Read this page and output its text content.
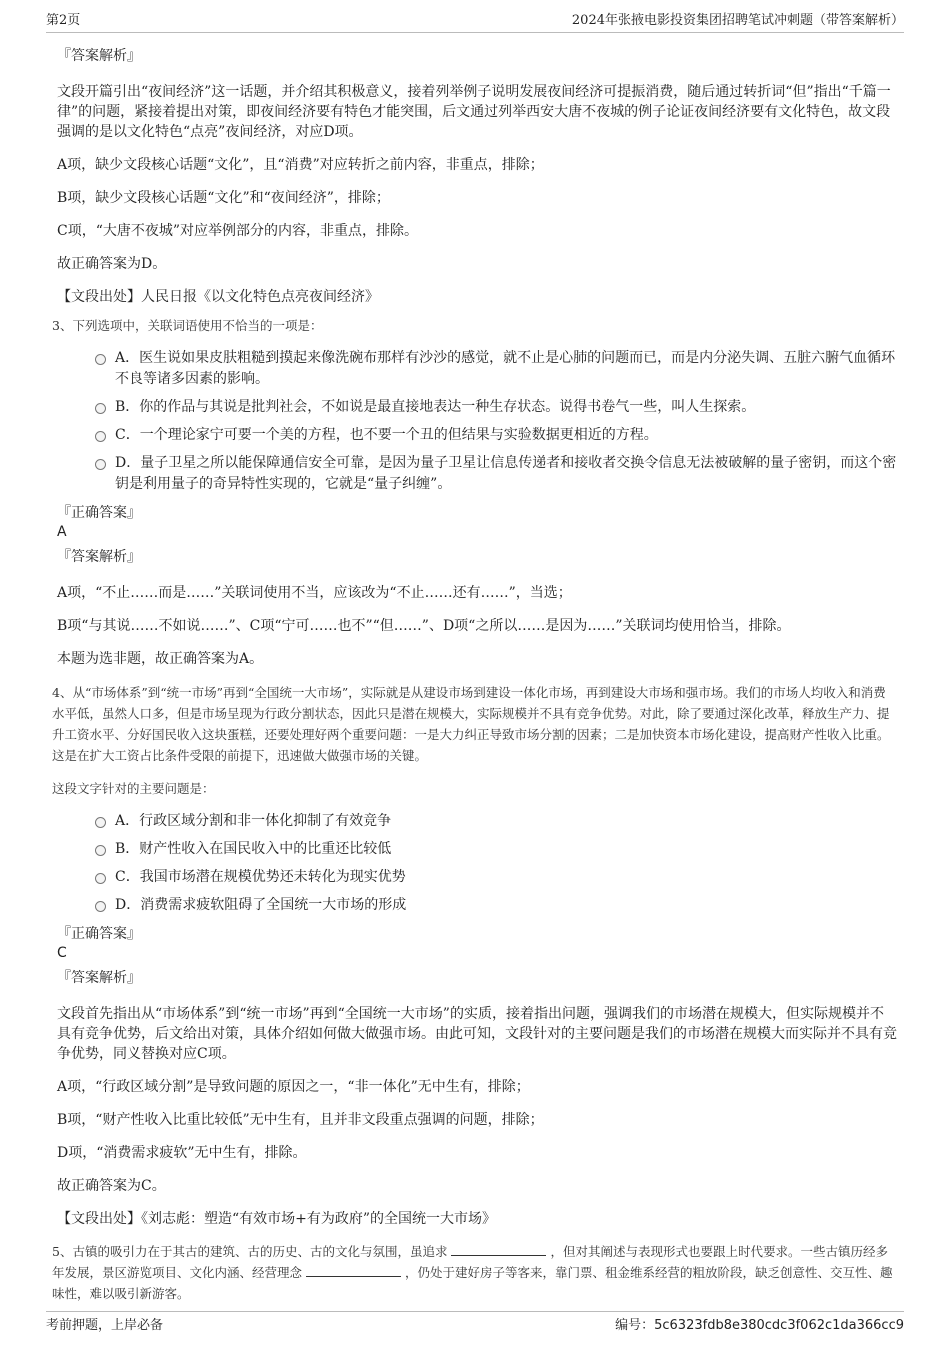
第2页	2024年张掖电影投资集团招聘笔试冲刺题（带答案解析）
『答案解析』

文段开篇引出“夜间经济”这一话题，并介绍其积极意义，接着列举例子说明发展夜间经济可提振消费，随后通过转折词“但”指出“千篇一律”的问题，紧接着提出对策，即夜间经济要有特色才能突围，后文通过列举西安大唐不夜城的例子论证夜间经济要有文化特色，故文段强调的是以文化特色“点亮”夜间经济，对应D项。

A项，缺少文段核心话题“文化”，且“消费”对应转折之前内容，非重点，排除；

B项，缺少文段核心话题“文化”和“夜间经济”，排除；

C项，“大唐不夜城”对应举例部分的内容，非重点，排除。

故正确答案为D。

【文段出处】人民日报《以文化特色点亮夜间经济》

3、下列选项中，关联词语使用不恰当的一项是：
A．医生说如果皮肤粗糙到摸起来像洗碗布那样有沙沙的感觉，就不止是心肺的问题而已，而是内分泌失调、五脏六腑气血循环不良等诸多因素的影响。
B．你的作品与其说是批判社会，不如说是最直接地表达一种生存状态。说得书卷气一些，叫人生探索。
C．一个理论家宁可要一个美的方程，也不要一个丑的但结果与实验数据更相近的方程。
D．量子卫星之所以能保障通信安全可靠，是因为量子卫星让信息传递者和接收者交换令信息无法被破解的量子密钥，而这个密钥是利用量子的奇异特性实现的，它就是“量子纠缠”。
『正确答案』
A
『答案解析』

A项，“不止……而是……”关联词使用不当，应该改为“不止……还有……”，当选；

B项“与其说……不如说……”、C项“宁可……也不”“但……”、D项“之所以……是因为……”关联词均使用恰当，排除。

本题为选非题，故正确答案为A。

4、从“市场体系”到“统一市场”再到“全国统一大市场”，实际就是从建设市场到建设一体化市场，再到建设大市场和强市场。我们的市场人均收入和消费水平低，虽然人口多，但是市场呈现为行政分割状态，因此只是潜在规模大，实际规模并不具有竞争优势。对此，除了要通过深化改革，释放生产力、提升工资水平、分好国民收入这块蛋糕，还要处理好两个重要问题：一是大力纠正导致市场分割的因素；二是加快资本市场化建设，提高财产性收入比重。这是在扩大工资占比条件受限的前提下，迅速做大做强市场的关键。
这段文字针对的主要问题是：
A．行政区域分割和非一体化抑制了有效竞争
B．财产性收入在国民收入中的比重还比较低
C．我国市场潜在规模优势还未转化为现实优势
D．消费需求疲软阻碍了全国统一大市场的形成
『正确答案』
C
『答案解析』

文段首先指出从“市场体系”到“统一市场”再到“全国统一大市场”的实质，接着指出问题，强调我们的市场潜在规模大，但实际规模并不具有竞争优势，后文给出对策，具体介绍如何做大做强市场。由此可知，文段针对的主要问题是我们的市场潜在规模大而实际并不具有竞争优势，同义替换对应C项。

A项，“行政区域分割”是导致问题的原因之一，“非一体化”无中生有，排除；

B项，“财产性收入比重比较低”无中生有，且并非文段重点强调的问题，排除；

D项，“消费需求疲软”无中生有，排除。

故正确答案为C。

【文段出处】《刘志彪：塑造“有效市场+有为政府”的全国统一大市场》

5、古镇的吸引力在于其古的建筑、古的历史、古的文化与氛围，虽追求	，但对其阐述与表现形式也要跟上时代要求。一些古镇历经多年发展，景区游览项目、文化内涵、经营理念	，仍处于建好房子等客来，靠门票、租金维系经营的粗放阶段，缺乏创意性、交互性、趣味性，难以吸引新游客。
考前押题，上岸必备	编号：5c6323fdb8e380cdc3f062c1da366cc9
